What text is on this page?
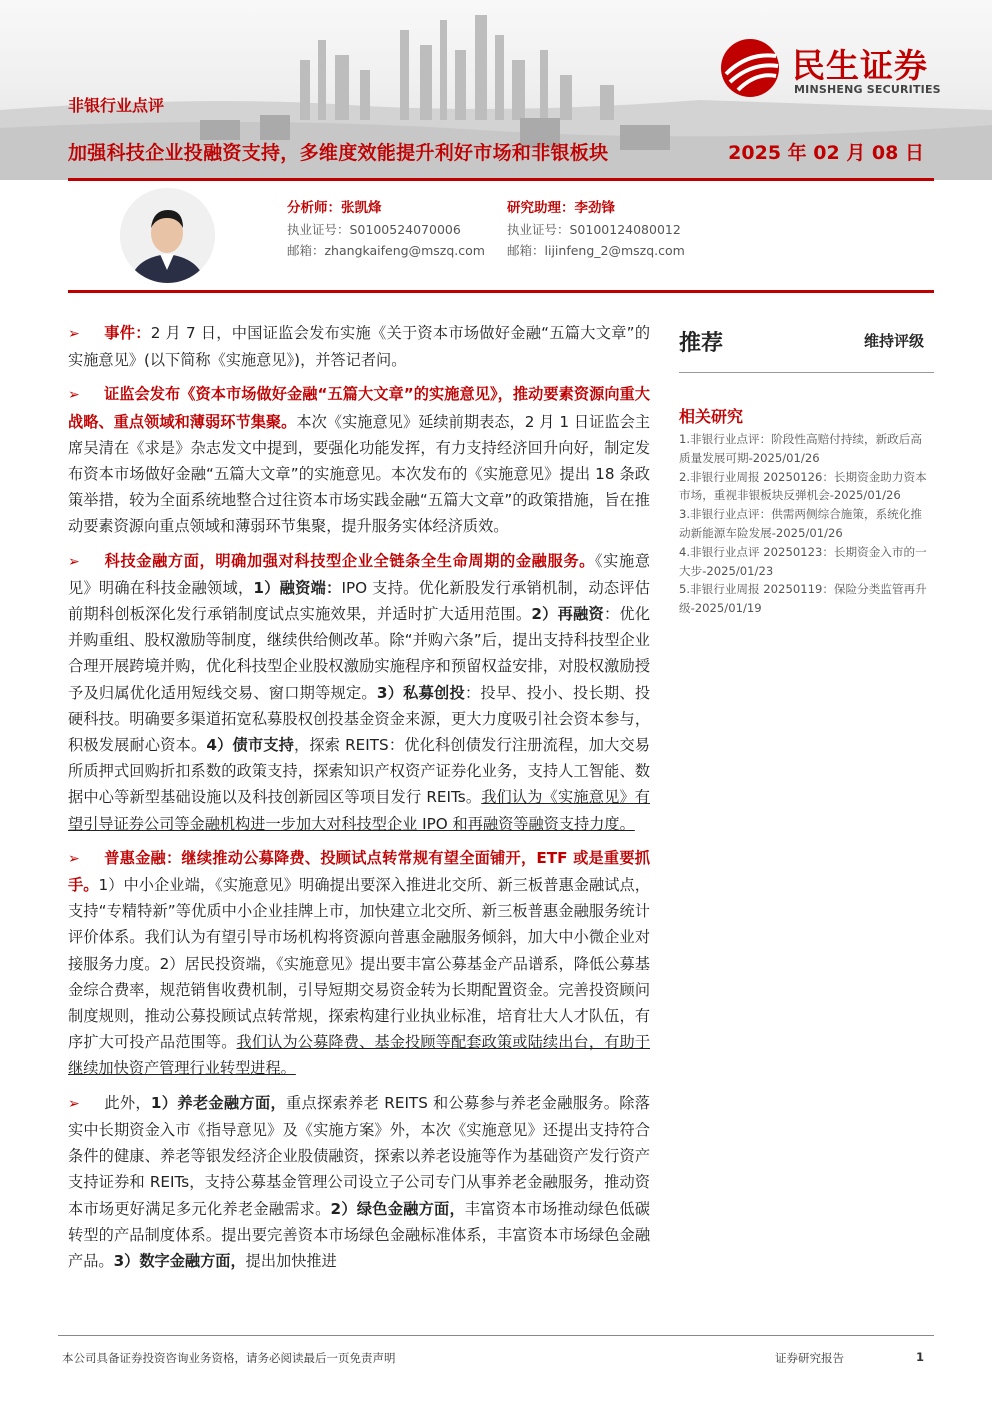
民生证券
MINSHENG SECURITIES
非银行业点评
加强科技企业投融资支持，多维度效能提升利好市场和非银板块	2025 年 02 月 08 日
分析师：张凯烽
执业证号：S0100524070006
邮箱：zhangkaifeng@mszq.com
研究助理：李劲锋
执业证号：S0100124080012
邮箱：lijinfeng_2@mszq.com

➢ 事件：2 月 7 日，中国证监会发布实施《关于资本市场做好金融“五篇大文章”的实施意见》(以下简称《实施意见》)，并答记者问。

➢ 证监会发布《资本市场做好金融“五篇大文章”的实施意见》，推动要素资源向重大战略、重点领域和薄弱环节集聚。本次《实施意见》延续前期表态，2 月 1 日证监会主席吴清在《求是》杂志发文中提到，要强化功能发挥，有力支持经济回升向好，制定发布资本市场做好金融“五篇大文章”的实施意见。本次发布的《实施意见》提出 18 条政策举措，较为全面系统地整合过往资本市场实践金融“五篇大文章”的政策措施，旨在推动要素资源向重点领域和薄弱环节集聚，提升服务实体经济质效。

➢ 科技金融方面，明确加强对科技型企业全链条全生命周期的金融服务。《实施意见》明确在科技金融领域，1）融资端：IPO 支持。优化新股发行承销机制，动态评估前期科创板深化发行承销制度试点实施效果，并适时扩大适用范围。2）再融资：优化并购重组、股权激励等制度，继续供给侧改革。除“并购六条”后，提出支持科技型企业合理开展跨境并购，优化科技型企业股权激励实施程序和预留权益安排，对股权激励授予及归属优化适用短线交易、窗口期等规定。3）私募创投：投早、投小、投长期、投硬科技。明确要多渠道拓宽私募股权创投基金资金来源，更大力度吸引社会资本参与，积极发展耐心资本。4）债市支持，探索 REITS：优化科创债发行注册流程，加大交易所质押式回购折扣系数的政策支持，探索知识产权资产证券化业务，支持人工智能、数据中心等新型基础设施以及科技创新园区等项目发行 REITs。我们认为《实施意见》有望引导证券公司等金融机构进一步加大对科技型企业 IPO 和再融资等融资支持力度。

➢ 普惠金融：继续推动公募降费、投顾试点转常规有望全面铺开，ETF 或是重要抓手。1）中小企业端，《实施意见》明确提出要深入推进北交所、新三板普惠金融试点，支持“专精特新”等优质中小企业挂牌上市，加快建立北交所、新三板普惠金融服务统计评价体系。我们认为有望引导市场机构将资源向普惠金融服务倾斜，加大中小微企业对接服务力度。2）居民投资端，《实施意见》提出要丰富公募基金产品谱系，降低公募基金综合费率，规范销售收费机制，引导短期交易资金转为长期配置资金。完善投资顾问制度规则，推动公募投顾试点转常规，探索构建行业执业标准，培育壮大人才队伍，有序扩大可投产品范围等。我们认为公募降费、基金投顾等配套政策或陆续出台，有助于继续加快资产管理行业转型进程。

➢ 此外，1）养老金融方面，重点探索养老 REITS 和公募参与养老金融服务。除落实中长期资金入市《指导意见》及《实施方案》外，本次《实施意见》还提出支持符合条件的健康、养老等银发经济企业股债融资，探索以养老设施等作为基础资产发行资产支持证券和 REITs，支持公募基金管理公司设立子公司专门从事养老金融服务，推动资本市场更好满足多元化养老金融需求。2）绿色金融方面，丰富资本市场推动绿色低碳转型的产品制度体系。提出要完善资本市场绿色金融标准体系，丰富资本市场绿色金融产品。3）数字金融方面，提出加快推进

推荐	维持评级
相关研究
1.非银行业点评：阶段性高赔付持续，新政后高质量发展可期-2025/01/26
2.非银行业周报 20250126：长期资金助力资本市场，重视非银板块反弹机会-2025/01/26
3.非银行业点评：供需两侧综合施策，系统化推动新能源车险发展-2025/01/26
4.非银行业点评 20250123：长期资金入市的一大步-2025/01/23
5.非银行业周报 20250119：保险分类监管再升级-2025/01/19
本公司具备证券投资咨询业务资格，请务必阅读最后一页免责声明	证券研究报告	1
